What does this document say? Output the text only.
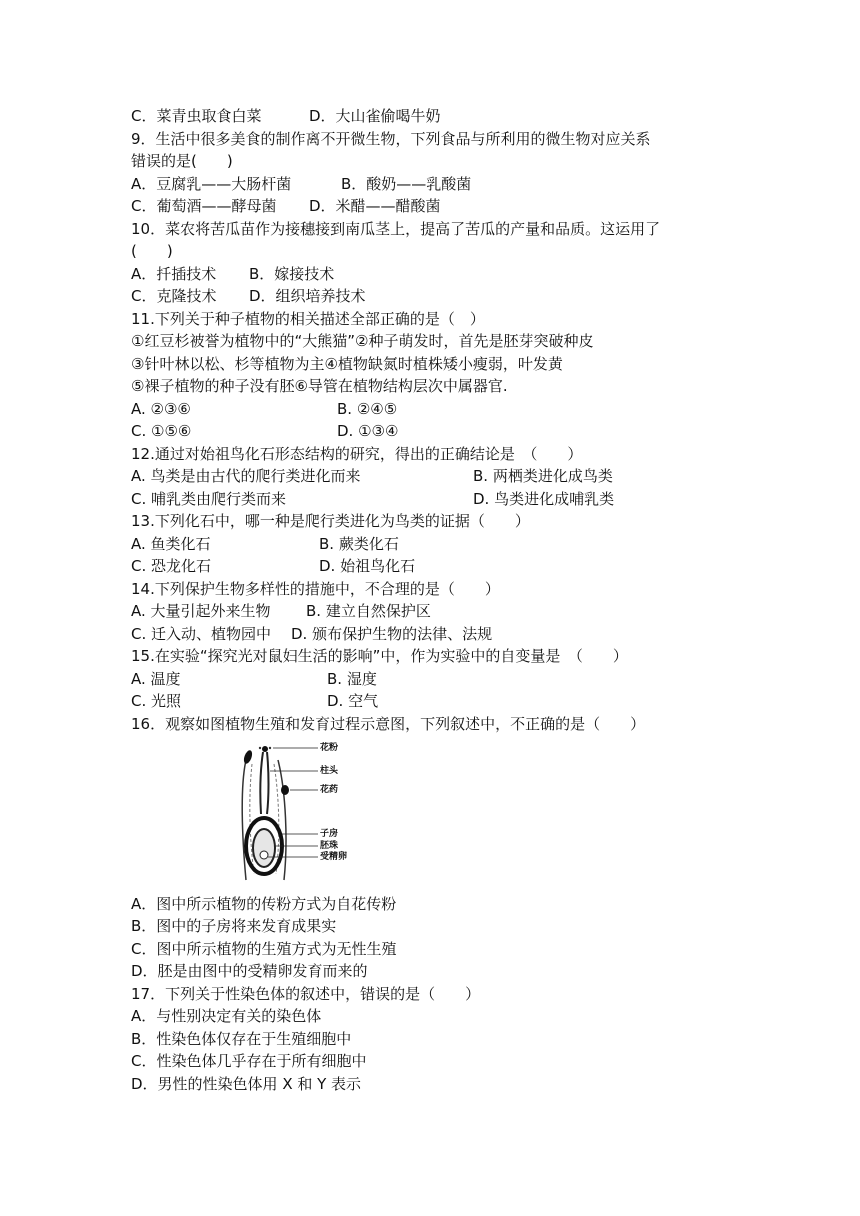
C．菜青虫取食白菜	D．大山雀偷喝牛奶
9．生活中很多美食的制作离不开微生物，下列食品与所利用的微生物对应关系
错误的是(　　)
A．豆腐乳——大肠杆菌	B．酸奶——乳酸菌
C．葡萄酒——酵母菌 D．米醋——醋酸菌
10．菜农将苦瓜苗作为接穗接到南瓜茎上，提高了苦瓜的产量和品质。这运用了
(　　)
A．扦插技术 B．嫁接技术
C．克隆技术 D．组织培养技术
11.下列关于种子植物的相关描述全部正确的是（　）
①红豆杉被誉为植物中的“大熊猫”②种子萌发时，首先是胚芽突破种皮
③针叶林以松、杉等植物为主④植物缺氮时植株矮小瘦弱，叶发黄
⑤裸子植物的种子没有胚⑥导管在植物结构层次中属器官.
A. ②③⑥	B. ②④⑤
C. ①⑤⑥	D. ①③④
12.通过对始祖鸟化石形态结构的研究，得出的正确结论是　（　　）
A. 鸟类是由古代的爬行类进化而来	B. 两栖类进化成鸟类
C. 哺乳类由爬行类而来	D. 鸟类进化成哺乳类
13.下列化石中，哪一种是爬行类进化为鸟类的证据（　　）
A. 鱼类化石	B. 蕨类化石
C. 恐龙化石	D. 始祖鸟化石
14.下列保护生物多样性的措施中，不合理的是（　　）
A. 大量引起外来生物 B. 建立自然保护区
C. 迁入动、植物园中 D. 颁布保护生物的法律、法规
15.在实验“探究光对鼠妇生活的影响”中，作为实验中的自变量是　（　　）
A. 温度	B. 湿度
C. 光照	D. 空气
16．观察如图植物生殖和发育过程示意图，下列叙述中，不正确的是（　　）
花粉
柱头
花药
子房
胚珠
受精卵
A．图中所示植物的传粉方式为自花传粉
B．图中的子房将来发育成果实
C．图中所示植物的生殖方式为无性生殖
D．胚是由图中的受精卵发育而来的
17．下列关于性染色体的叙述中，错误的是（　　）
A．与性别决定有关的染色体
B．性染色体仅存在于生殖细胞中
C．性染色体几乎存在于所有细胞中
D．男性的性染色体用 X 和 Y 表示
